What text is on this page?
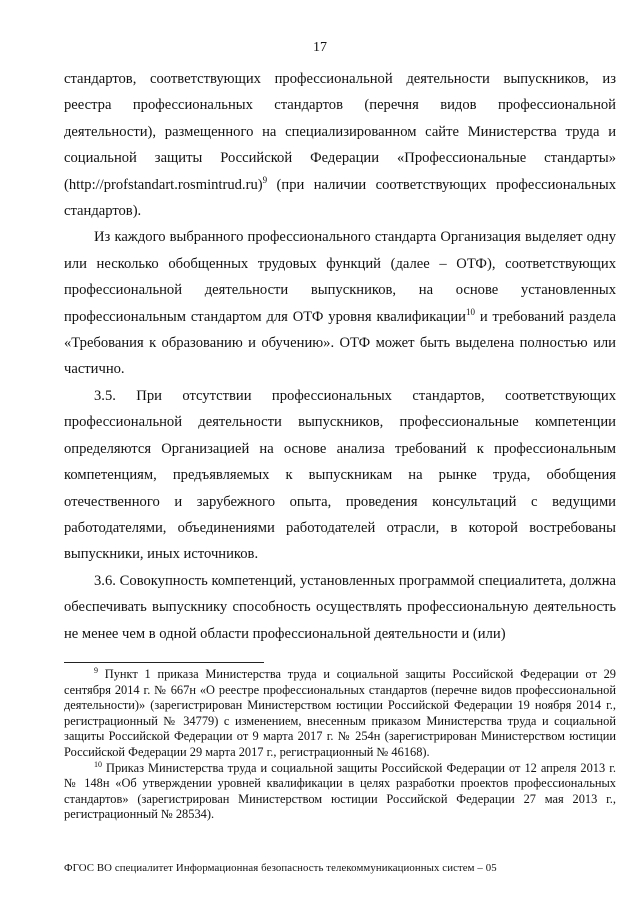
17

стандартов, соответствующих профессиональной деятельности выпускников, из реестра профессиональных стандартов (перечня видов профессиональной деятельности), размещенного на специализированном сайте Министерства труда и социальной защиты Российской Федерации «Профессиональные стандарты» (http://profstandart.rosmintrud.ru)$^9$ (при наличии соответствующих профессиональных стандартов).

Из каждого выбранного профессионального стандарта Организация выделяет одну или несколько обобщенных трудовых функций (далее – ОТФ), соответствующих профессиональной деятельности выпускников, на основе установленных профессиональным стандартом для ОТФ уровня квалификации$^{10}$ и требований раздела «Требования к образованию и обучению». ОТФ может быть выделена полностью или частично.

3.5. При отсутствии профессиональных стандартов, соответствующих профессиональной деятельности выпускников, профессиональные компетенции определяются Организацией на основе анализа требований к профессиональным компетенциям, предъявляемых к выпускникам на рынке труда, обобщения отечественного и зарубежного опыта, проведения консультаций с ведущими работодателями, объединениями работодателей отрасли, в которой востребованы выпускники, иных источников.

3.6. Совокупность компетенций, установленных программой специалитета, должна обеспечивать выпускнику способность осуществлять профессиональную деятельность не менее чем в одной области профессиональной деятельности и (или)

$^9$ Пункт 1 приказа Министерства труда и социальной защиты Российской Федерации от 29 сентября 2014 г. № 667н «О реестре профессиональных стандартов (перечне видов профессиональной деятельности)» (зарегистрирован Министерством юстиции Российской Федерации 19 ноября 2014 г., регистрационный № 34779) с изменением, внесенным приказом Министерства труда и социальной защиты Российской Федерации от 9 марта 2017 г. № 254н (зарегистрирован Министерством юстиции Российской Федерации 29 марта 2017 г., регистрационный № 46168).

$^{10}$ Приказ Министерства труда и социальной защиты Российской Федерации от 12 апреля 2013 г. № 148н «Об утверждении уровней квалификации в целях разработки проектов профессиональных стандартов» (зарегистрирован Министерством юстиции Российской Федерации 27 мая 2013 г., регистрационный № 28534).

ФГОС ВО специалитет Информационная безопасность телекоммуникационных систем – 05
